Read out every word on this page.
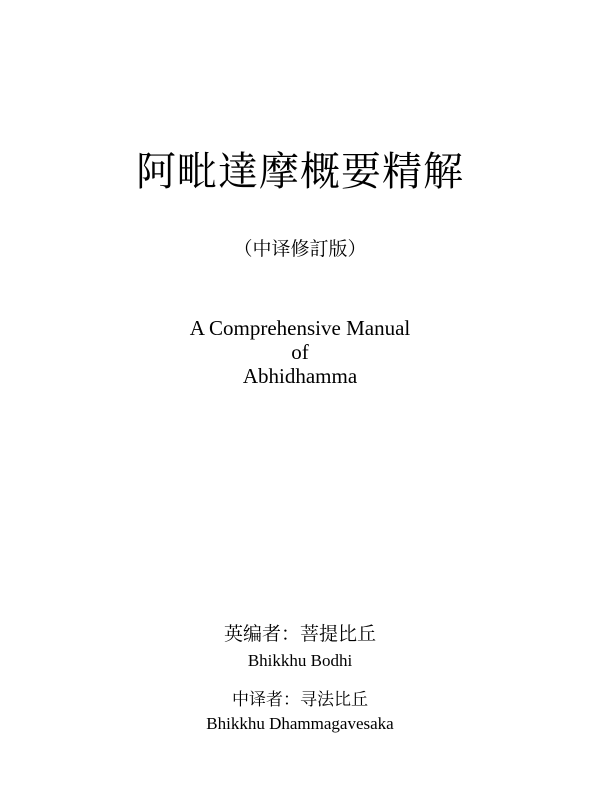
阿毗達摩概要精解
（中译修訂版）
A Comprehensive Manual
of
Abhidhamma
英编者：菩提比丘
Bhikkhu Bodhi
中译者：寻法比丘
Bhikkhu Dhammagavesaka
